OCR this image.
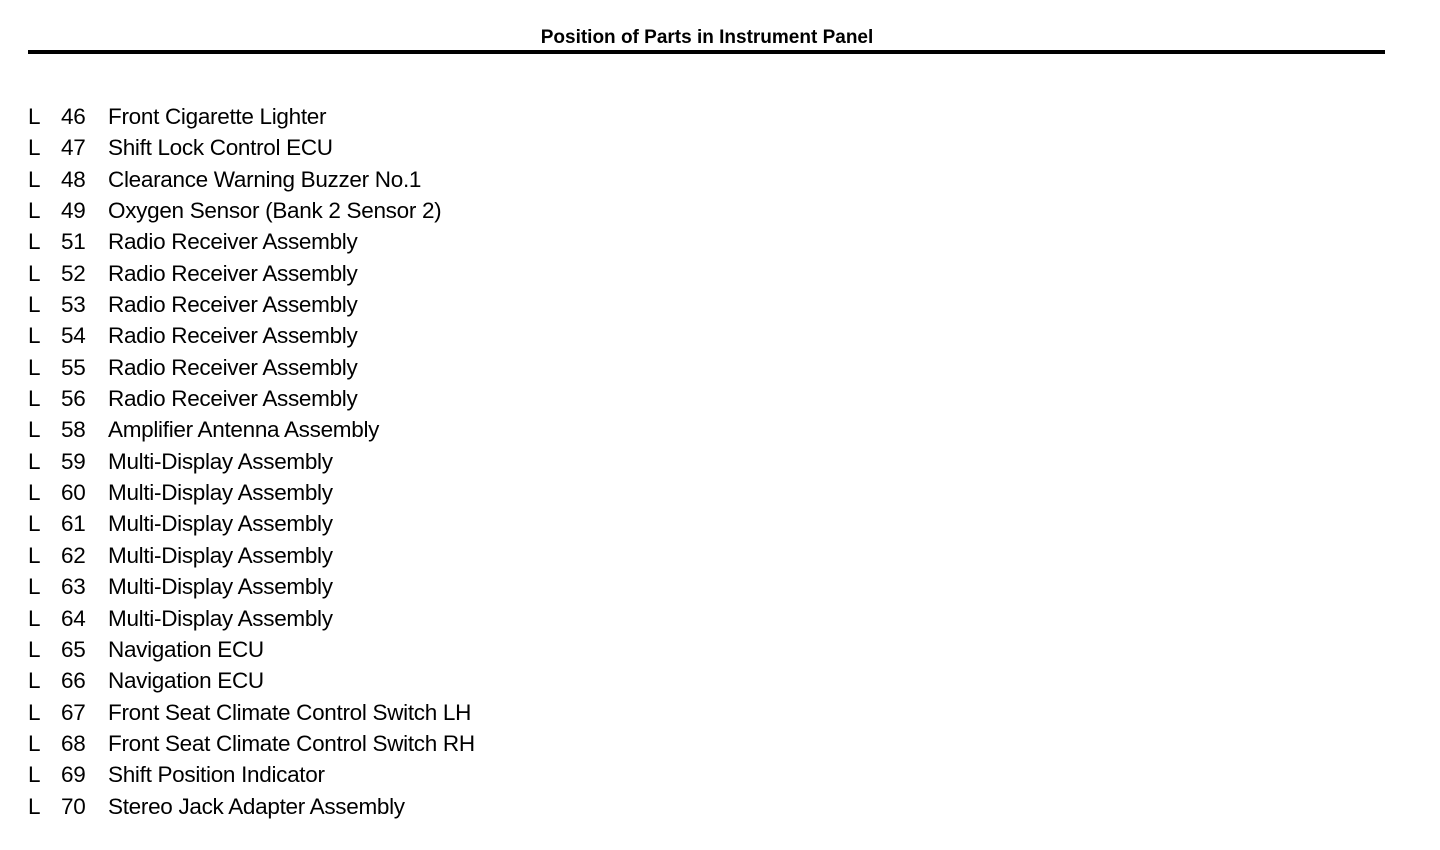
Position of Parts in Instrument Panel
L 46	Front Cigarette Lighter
L 47	Shift Lock Control ECU
L 48	Clearance Warning Buzzer No.1
L 49	Oxygen Sensor (Bank 2 Sensor 2)
L 51	Radio Receiver Assembly
L 52	Radio Receiver Assembly
L 53	Radio Receiver Assembly
L 54	Radio Receiver Assembly
L 55	Radio Receiver Assembly
L 56	Radio Receiver Assembly
L 58	Amplifier Antenna Assembly
L 59	Multi-Display Assembly
L 60	Multi-Display Assembly
L 61	Multi-Display Assembly
L 62	Multi-Display Assembly
L 63	Multi-Display Assembly
L 64	Multi-Display Assembly
L 65	Navigation ECU
L 66	Navigation ECU
L 67	Front Seat Climate Control Switch LH
L 68	Front Seat Climate Control Switch RH
L 69	Shift Position Indicator
L 70	Stereo Jack Adapter Assembly
